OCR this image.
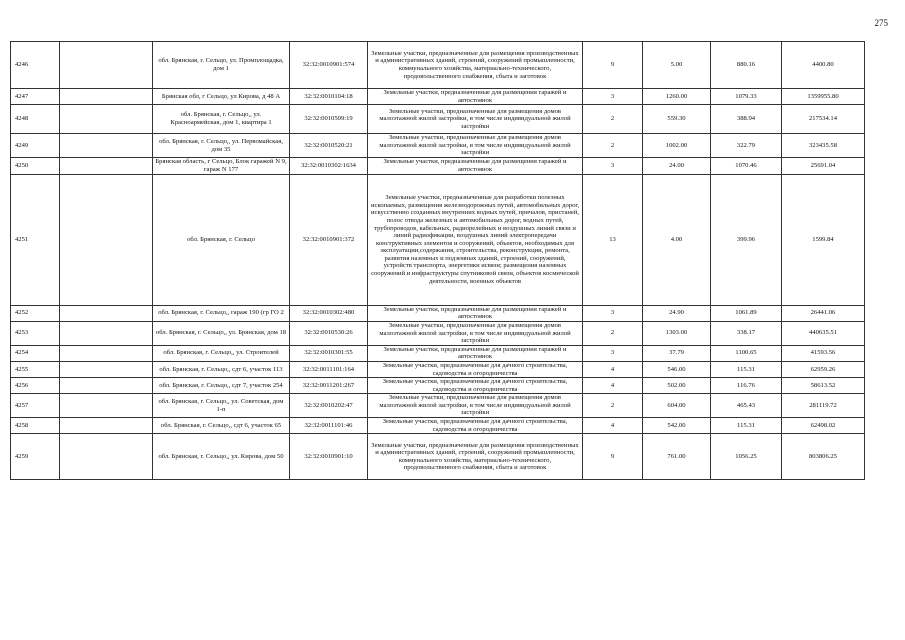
275
4246		обл. Брянская, г. Сельцо, ул. Промплощадка, дом 1	32:32:0010901:574	Земельные участки, предназначенные для размещения производственных и административных зданий, строений, сооружений промышленности, коммунального хозяйства, материально-технического, продовольственного снабжения, сбыта и заготовок	9	5.00	880.16	4400.80
4247		Брянская обл, г Сельцо, ул Кирова, д 48 А	32:32:0010104:18	Земельные участки, предназначенные для размещения гаражей и автостоянок	3	1260.00	1079.33	1359955.80
4248		обл. Брянская, г. Сельцо,, ул. Красноармейская, дом 1, квартира 1	32:32:0010509:19	Земельные участки, предназначенные для размещения домов малоэтажной жилой застройки, в том числе индивидуальной жилой застройки	2	559.30	388.94	217534.14
4249		обл. Брянская, г. Сельцо,, ул. Первомайская, дом 35	32:32:0010520:21	Земельные участки, предназначенные для размещения домов малоэтажной жилой застройки, в том числе индивидуальной жилой застройки	2	1002.00	322.79	323435.58
4250		Брянская область, г Сельцо, Блок гаражей N 9, гараж N 177	32:32:0010302:1634	Земельные участки, предназначенные для размещения гаражей и автостоянок	3	24.00	1070.46	25691.04
4251		обл. Брянская, г. Сельцо	32:32:0010901:372	Земельные участки, предназначенные для разработки полезных ископаемых, размещения железнодорожных путей, автомобильных дорог, искусственно созданных внутренних водных путей, причалов, пристаней, полос отвода железных и автомобильных дорог, водных путей, трубопроводов, кабельных, радиорелейных и воздушных линий связи и линий радиофикации, воздушных линий электропередачи конструктивных элементов и сооружений, объектов, необходимых для эксплуатации,содержания, строительства, реконструкции, ремонта, развития наземных и подземных зданий, строений, сооружений, устройств транспорта, энергетики исвязи; размещения наземных сооружений и инфраструктуры спутниковой связи, объектов космической деятельности, военных объектов	13	4.00	399.96	1599.84
4252		обл. Брянская, г. Сельцо,, гараж 190 (гр ГО 2	32:32:0010302:480	Земельные участки, предназначенные для размещения гаражей и автостоянок	3	24.90	1061.89	26441.06
4253		обл. Брянская, г. Сельцо,, ул. Брянская, дом 18	32:32:0010530:26	Земельные участки, предназначенные для размещения домов малоэтажной жилой застройки, в том числе индивидуальной жилой застройки	2	1303.00	338.17	440635.51
4254		обл. Брянская, г. Сельцо,, ул. Строителей	32:32:0010301:55	Земельные участки, предназначенные для размещения гаражей и автостоянок	3	37.79	1100.65	41593.56
4255		обл. Брянская, г. Сельцо,, сдт 6, участок 113	32:32:0011101:164	Земельные участки, предназначенные для дачного строительства, садоводства и огородничества	4	546.00	115.31	62959.26
4256		обл. Брянская, г. Сельцо,, сдт 7, участок 254	32:32:0011201:267	Земельные участки, предназначенные для дачного строительства, садоводства и огородничества	4	502.00	116.76	58613.52
4257		обл. Брянская, г. Сельцо,, ул. Советская, дом 1-п	32:32:0010202:47	Земельные участки, предназначенные для размещения домов малоэтажной жилой застройки, в том числе индивидуальной жилой застройки	2	604.00	465.43	281119.72
4258		обл. Брянская, г. Сельцо,, сдт 6, участок 65	32:32:0011101:46	Земельные участки, предназначенные для дачного строительства, садоводства и огородничества	4	542.00	115.31	62498.02
4259		обл. Брянская, г. Сельцо,, ул. Кирова, дом 50	32:32:0010901:10	Земельные участки, предназначенные для размещения производственных и административных зданий, строений, сооружений промышленности, коммунального хозяйства, материально-технического, продовольственного снабжения, сбыта и заготовок	9	761.00	1056.25	803806.25
